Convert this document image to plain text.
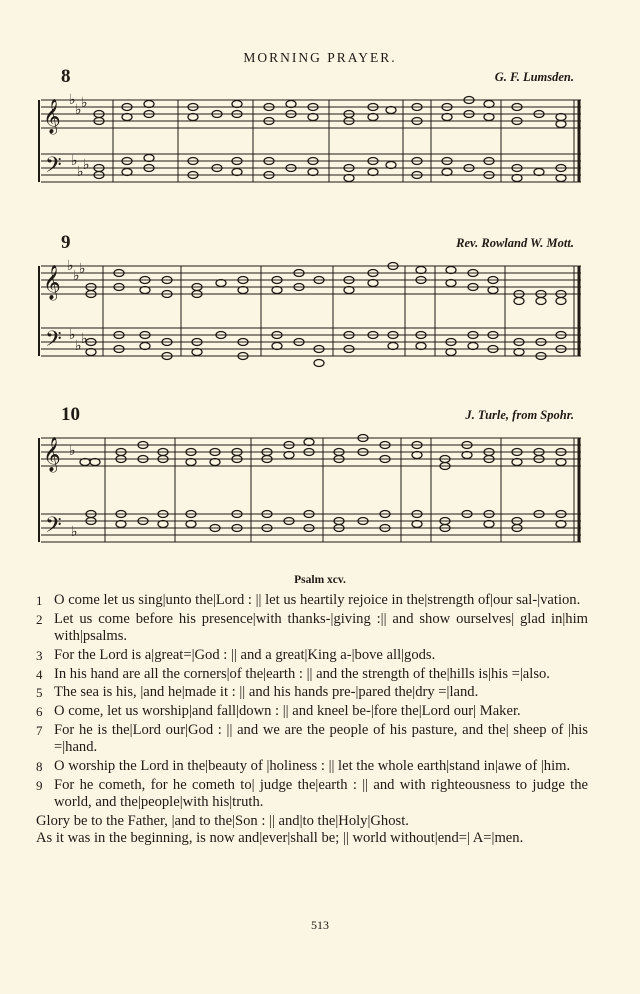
MORNING PRAYER.
8	G. F. Lumsden.
𝄞
𝄢
♭
♭ ♭
♭
♭ ♭
9	Rev. Rowland W. Mott.
𝄞
𝄢
♭
♭ ♭
♭
♭ ♭
10	J. Turle, from Spohr.
𝄞
𝄢
♭
♭
Psalm xcv.
1 O come let us sing|unto the|Lord : || let us heartily rejoice in the|strength of|our sal-|vation.
2 Let us come before his presence|with thanks-|giving :|| and show ourselves| glad in|him with|psalms.
3 For the Lord is a|great=|God : || and a great|King a-|bove all|gods.
4 In his hand are all the corners|of the|earth : || and the strength of the|hills is|his =|also.
5 The sea is his, |and he|made it : || and his hands pre-|pared the|dry =|land.
6 O come, let us worship|and fall|down : || and kneel be-|fore the|Lord our| Maker.
7 For he is the|Lord our|God : || and we are the people of his pasture, and the| sheep of |his =|hand.
8 O worship the Lord in the|beauty of |holiness : || let the whole earth|stand in|awe of |him.
9 For he cometh, for he cometh to| judge the|earth : || and with righteousness to judge the world, and the|people|with his|truth.
Glory be to the Father, |and to the|Son : || and|to the|Holy|Ghost.
As it was in the beginning, is now and|ever|shall be; || world without|end=| A=|men.
513
